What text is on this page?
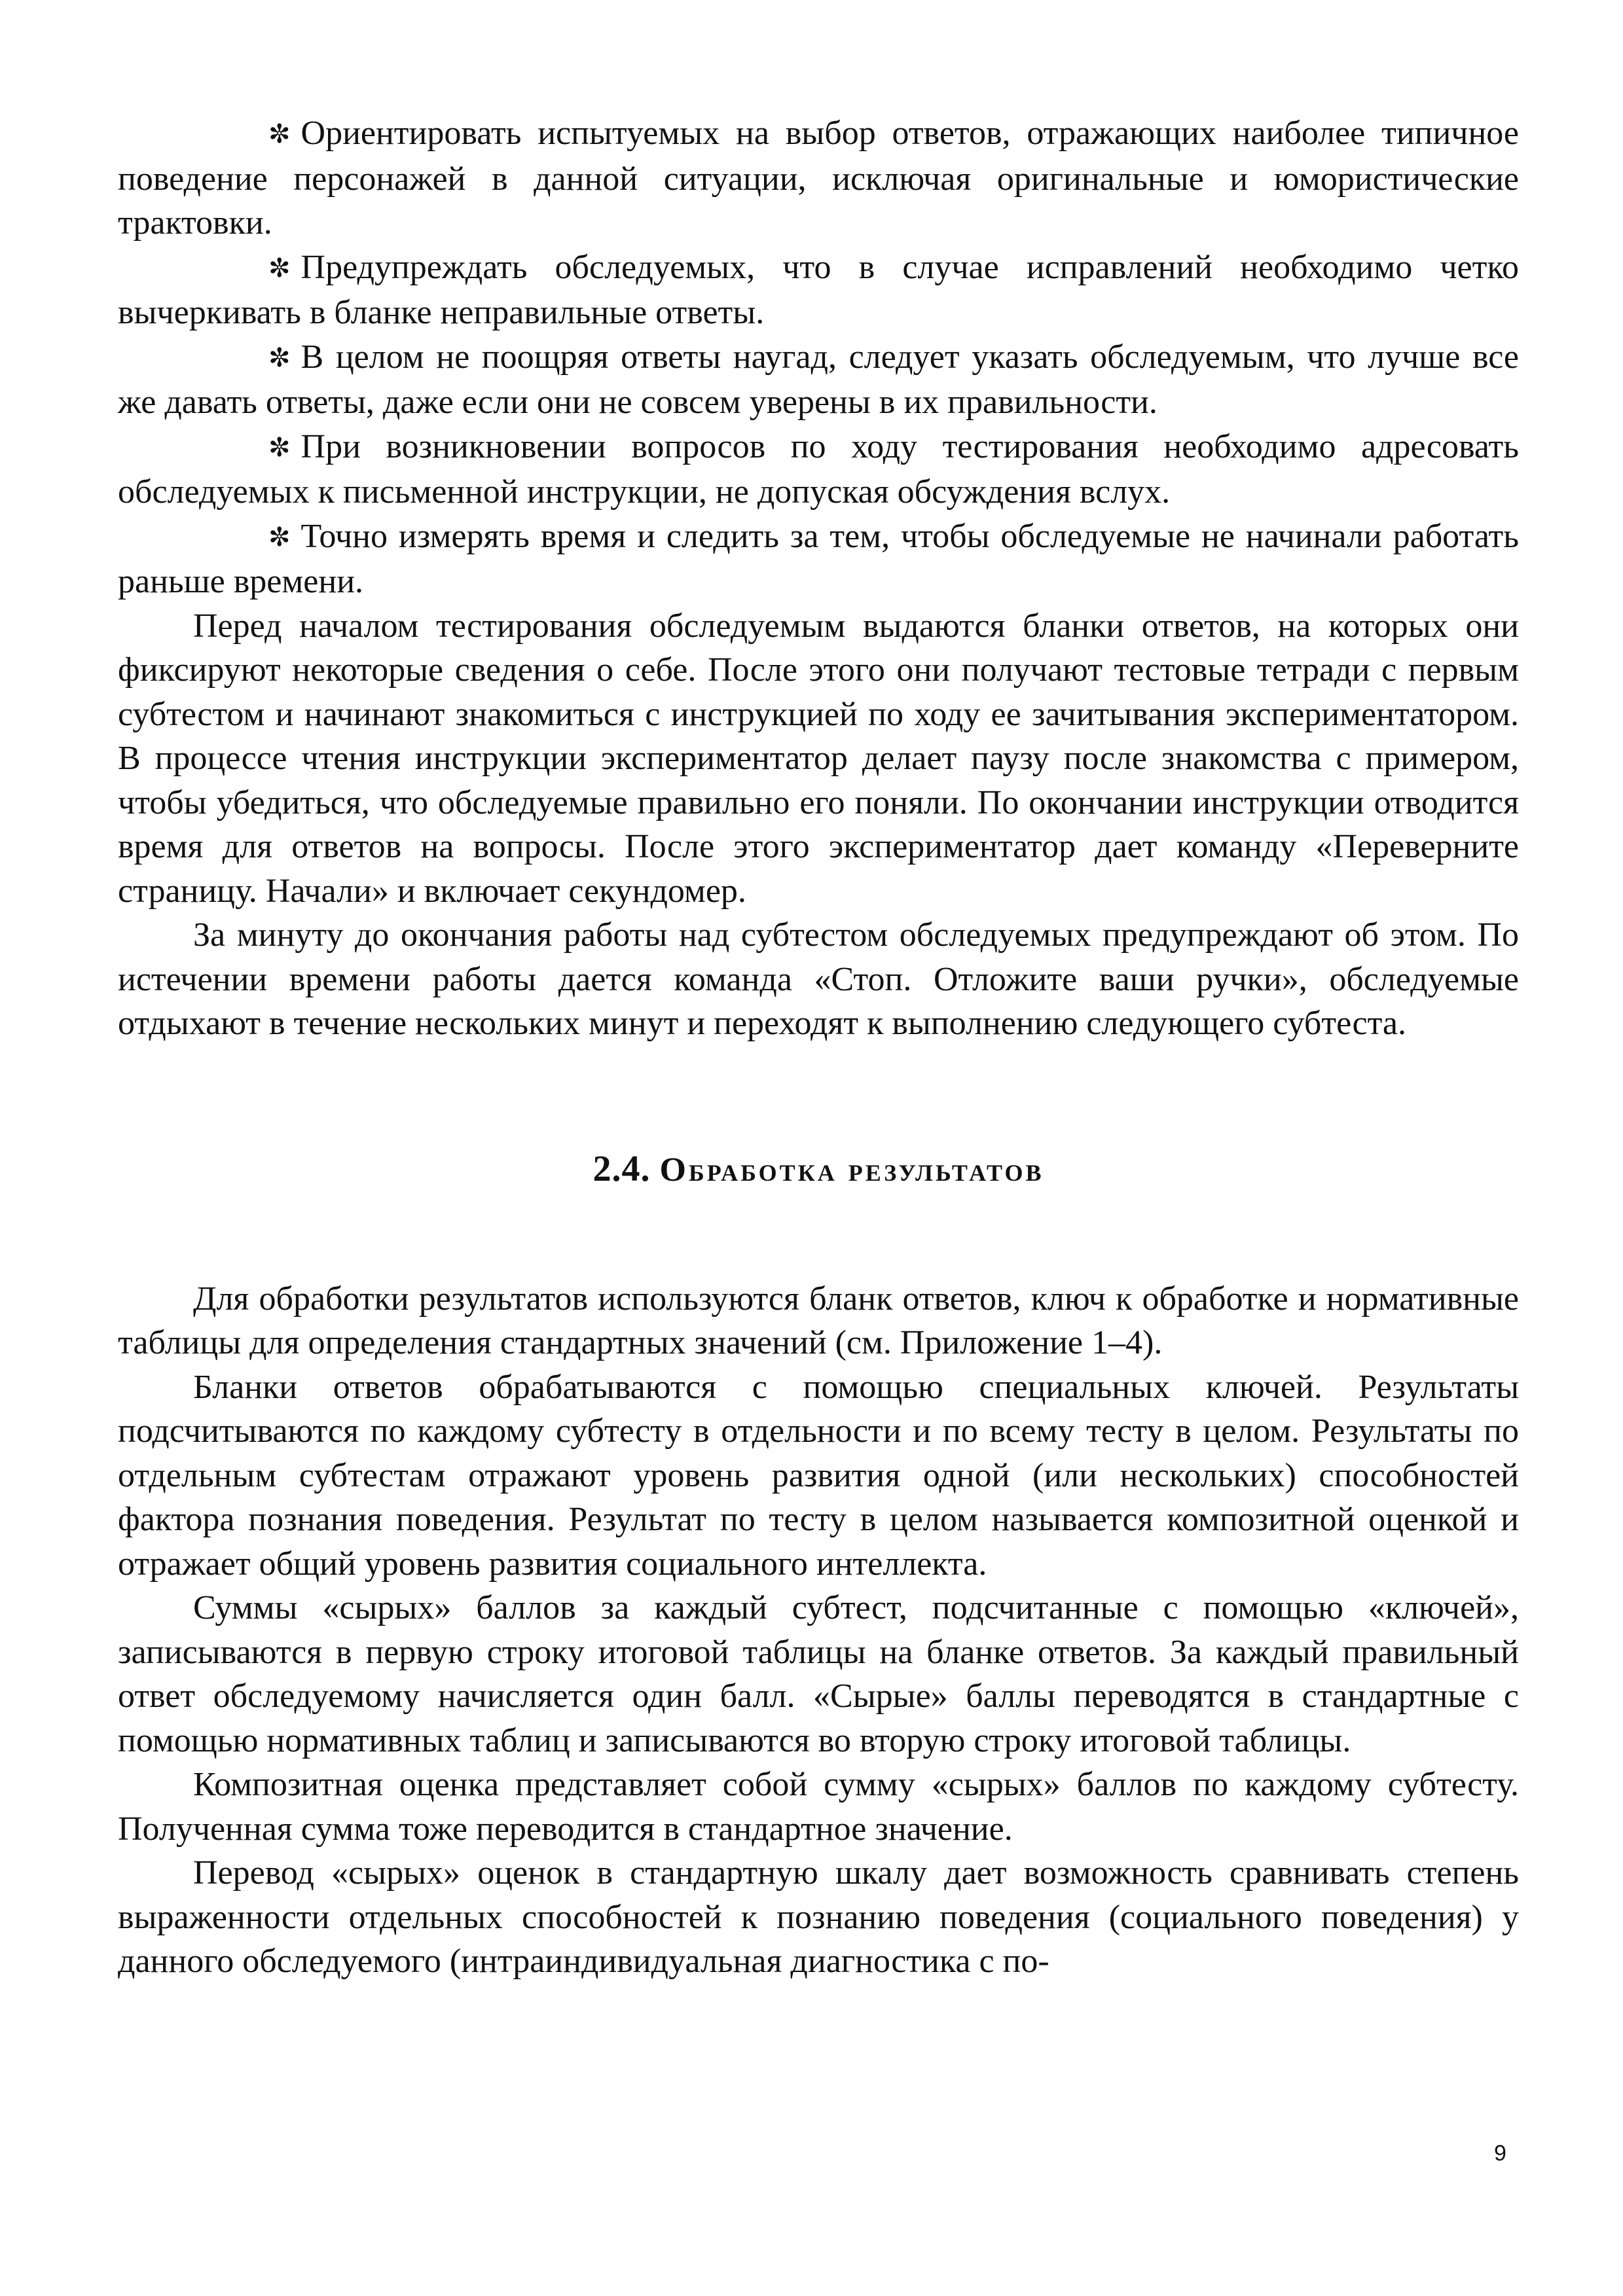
✼ Ориентировать испытуемых на выбор ответов, отражающих наиболее типичное поведение персонажей в данной ситуации, исключая оригинальные и юмористические трактовки.

✼ Предупреждать обследуемых, что в случае исправлений необходимо четко вычеркивать в бланке неправильные ответы.

✼ В целом не поощряя ответы наугад, следует указать обследуемым, что лучше все же давать ответы, даже если они не совсем уверены в их правильности.

✼ При возникновении вопросов по ходу тестирования необходимо адресовать обследуемых к письменной инструкции, не допуская обсуждения вслух.

✼ Точно измерять время и следить за тем, чтобы обследуемые не начинали работать раньше времени.

Перед началом тестирования обследуемым выдаются бланки ответов, на которых они фиксируют некоторые сведения о себе. После этого они получают тестовые тетради с первым субтестом и начинают знакомиться с инструкцией по ходу ее зачитывания экспериментатором. В процессе чтения инструкции экспериментатор делает паузу после знакомства с примером, чтобы убедиться, что обследуемые правильно его поняли. По окончании инструкции отводится время для ответов на вопросы. После этого экспериментатор дает команду «Переверните страницу. Начали» и включает секундомер.

За минуту до окончания работы над субтестом обследуемых предупреждают об этом. По истечении времени работы дается команда «Стоп. Отложите ваши ручки», обследуемые отдыхают в течение нескольких минут и переходят к выполнению следующего субтеста.

2.4. Обработка результатов

Для обработки результатов используются бланк ответов, ключ к обработке и нормативные таблицы для определения стандартных значений (см. Приложение 1–4).

Бланки ответов обрабатываются с помощью специальных ключей. Результаты подсчитываются по каждому субтесту в отдельности и по всему тесту в целом. Результаты по отдельным субтестам отражают уровень развития одной (или нескольких) способностей фактора познания поведения. Результат по тесту в целом называется композитной оценкой и отражает общий уровень развития социального интеллекта.

Суммы «сырых» баллов за каждый субтест, подсчитанные с помощью «ключей», записываются в первую строку итоговой таблицы на бланке ответов. За каждый правильный ответ обследуемому начисляется один балл. «Сырые» баллы переводятся в стандартные с помощью нормативных таблиц и записываются во вторую строку итоговой таблицы.

Композитная оценка представляет собой сумму «сырых» баллов по каждому субтесту. Полученная сумма тоже переводится в стандартное значение.

Перевод «сырых» оценок в стандартную шкалу дает возможность сравнивать степень выраженности отдельных способностей к познанию поведения (социального поведения) у данного обследуемого (интраиндивидуальная диагностика с по-

9
